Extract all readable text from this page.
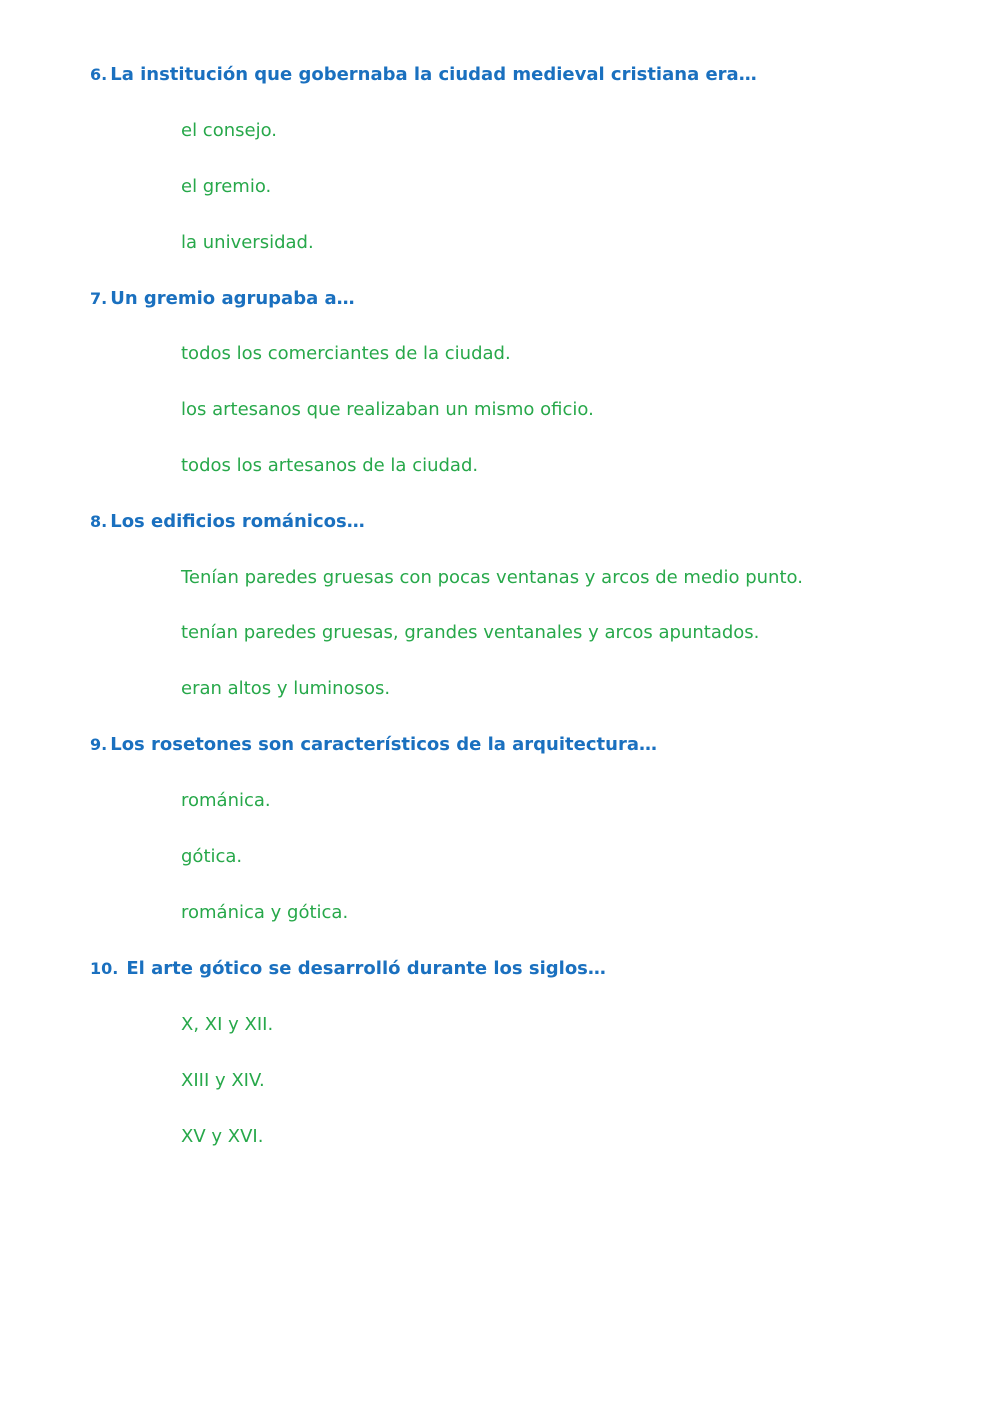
6. La institución que gobernaba la ciudad medieval cristiana era…
el consejo.
el gremio.
la universidad.
7. Un gremio agrupaba a…
todos los comerciantes de la ciudad.
los artesanos que realizaban un mismo oficio.
todos los artesanos de la ciudad.
8. Los edificios románicos…
Tenían paredes gruesas con pocas ventanas y arcos de medio punto.
tenían paredes gruesas, grandes ventanales y arcos apuntados.
eran altos y luminosos.
9. Los rosetones son característicos de la arquitectura…
románica.
gótica.
románica y gótica.
10. El arte gótico se desarrolló durante los siglos…
X, XI y XII.
XIII y XIV.
XV y XVI.
